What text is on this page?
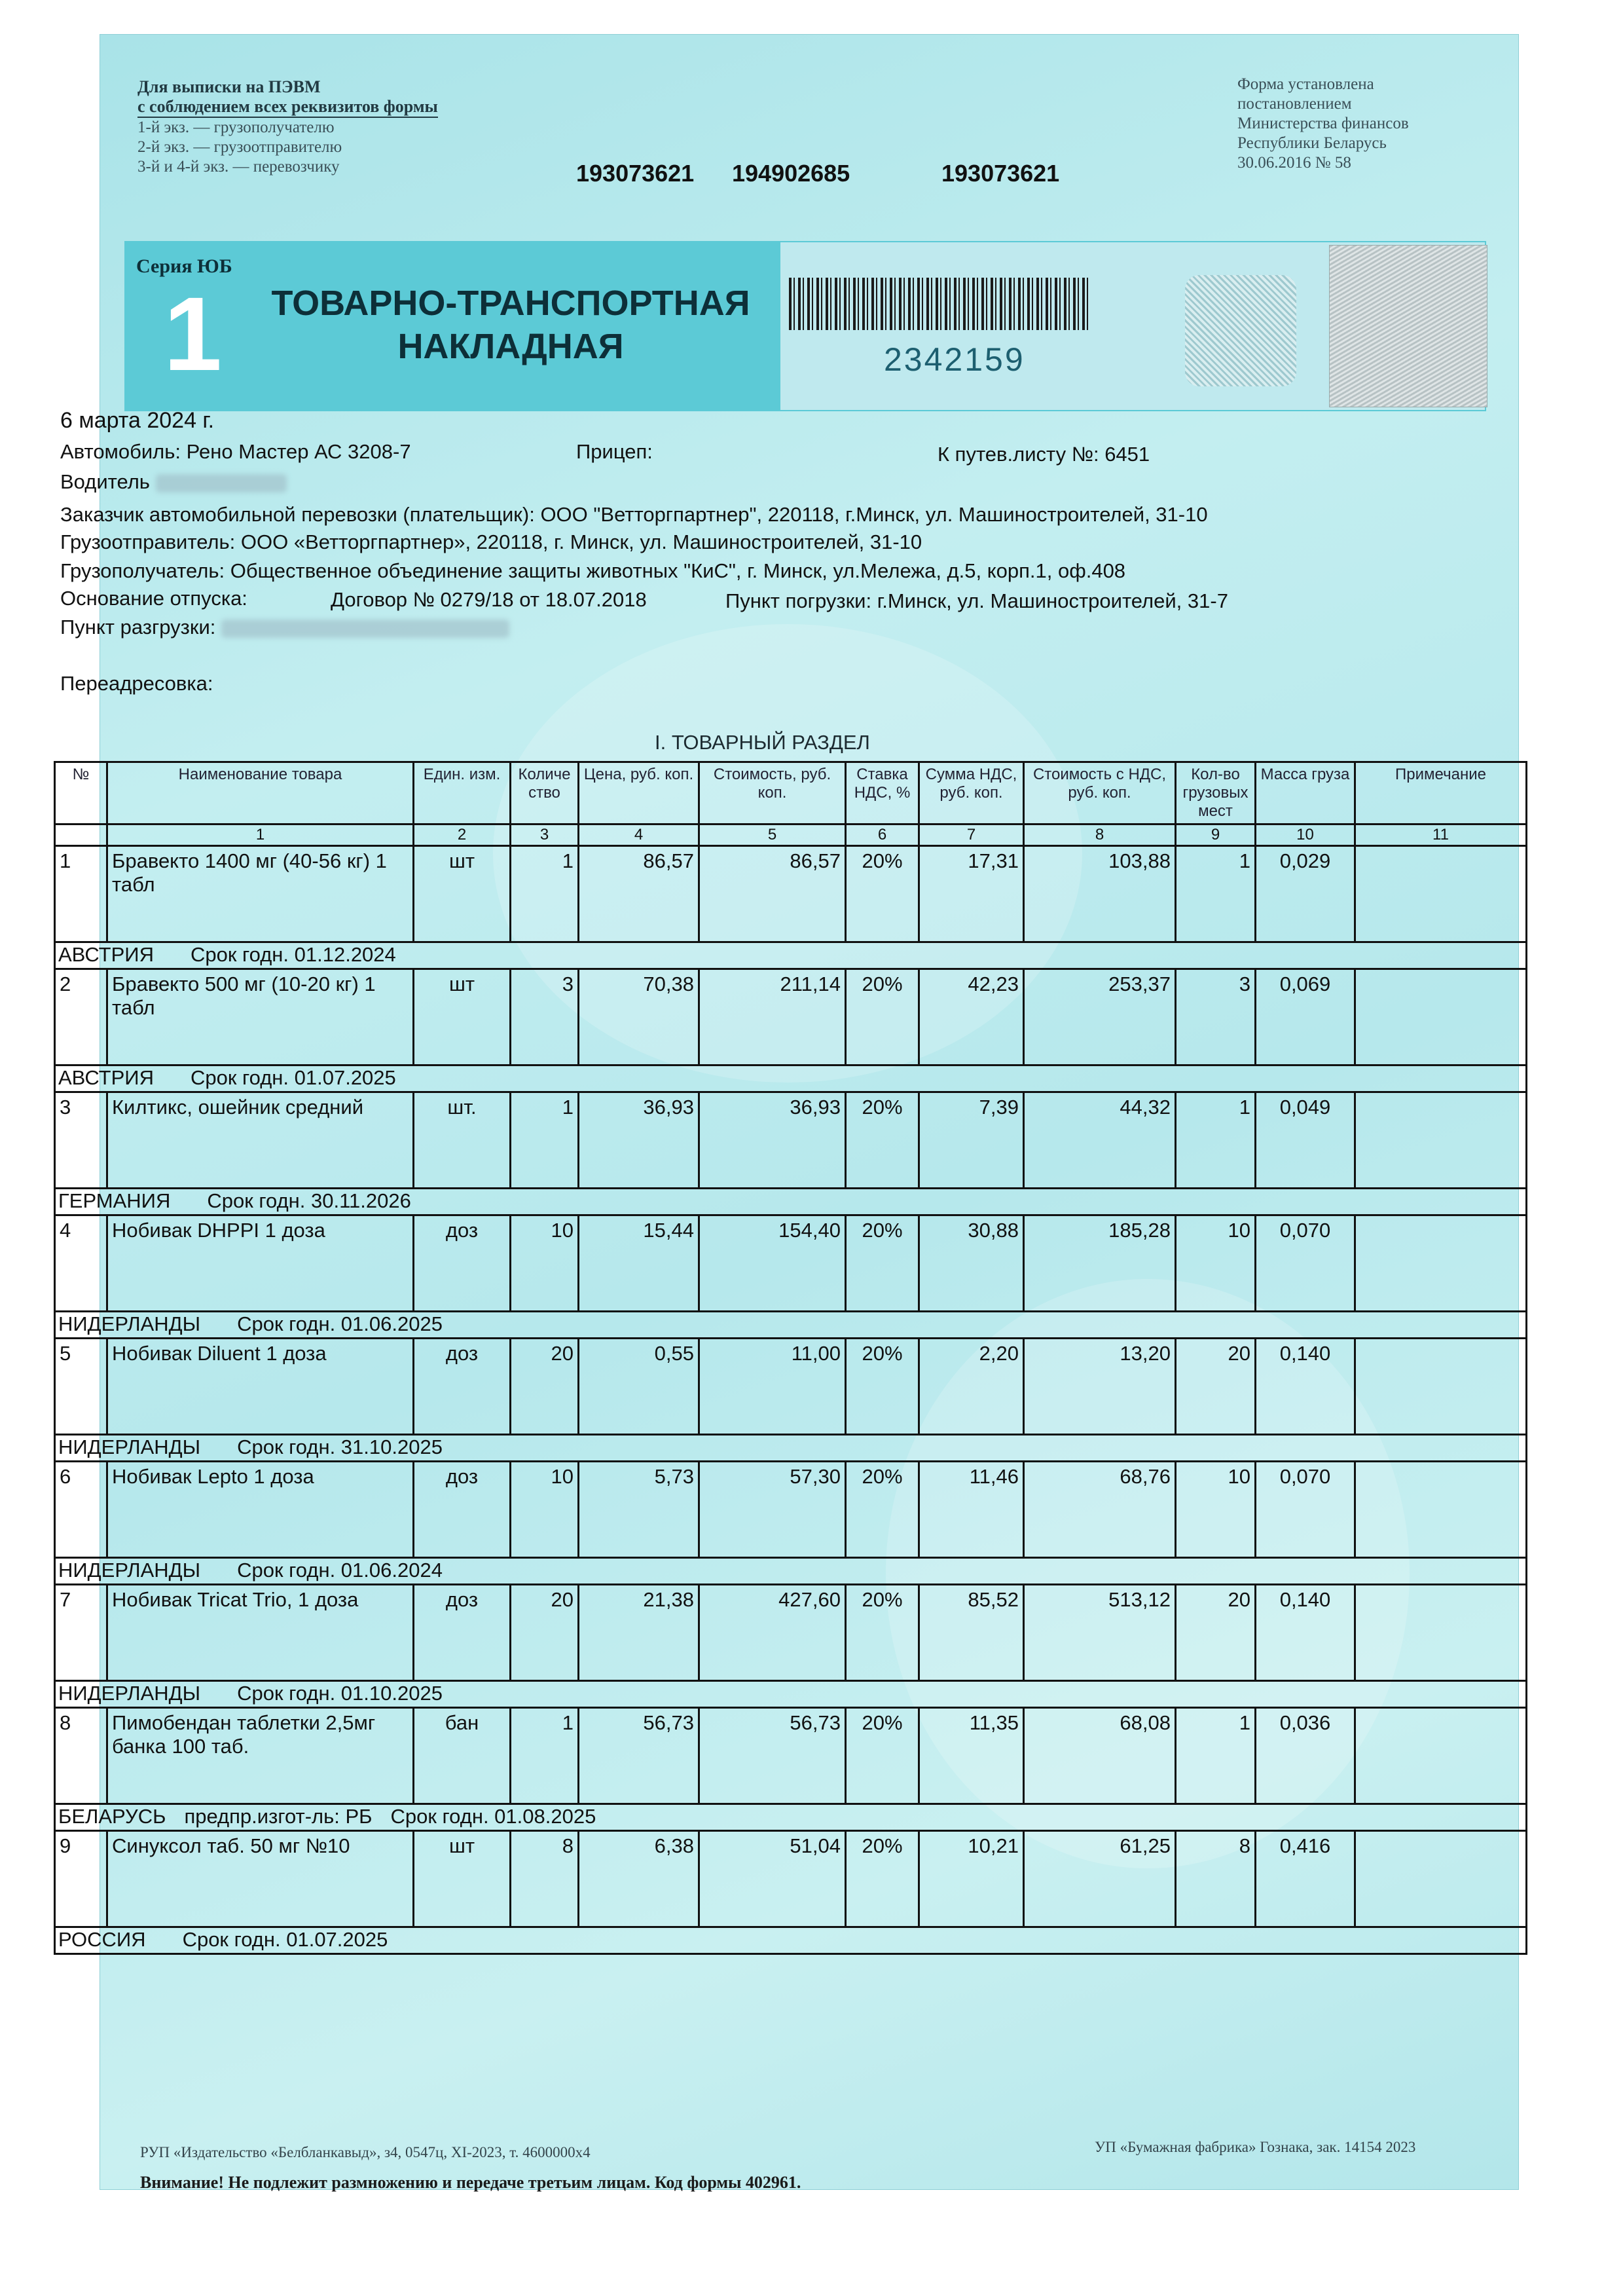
Для выписки на ПЭВМ
с соблюдением всех реквизитов формы
1-й экз. — грузополучателю
2-й экз. — грузоотправителю
3-й и 4-й экз. — перевозчику	193073621 194902685	193073621
Форма установлена
постановлением
Министерства финансов
Республики Беларусь
30.06.2016 № 58
Серия ЮБ
1	ТОВАРНО-ТРАНСПОРТНАЯ
НАКЛАДНАЯ	2342159
6 марта 2024 г.
Автомобиль: Рено Мастер АС 3208-7	Прицеп:	К путев.листу №: 6451
Водитель
Заказчик автомобильной перевозки (плательщик): ООО "Ветторгпартнер", 220118, г.Минск, ул. Машиностроителей, 31-10
Грузоотправитель: ООО «Ветторгпартнер», 220118, г. Минск, ул. Машиностроителей, 31-10
Грузополучатель: Общественное объединение защиты животных "КиС", г. Минск, ул.Мележа, д.5, корп.1, оф.408
Основание отпуска:	Договор № 0279/18 от 18.07.2018	Пункт погрузки: г.Минск, ул. Машиностроителей, 31-7
Пункт разгрузки:
Переадресовка:
I. ТОВАРНЫЙ РАЗДЕЛ
№	Наименование товара	Един. изм.	Количе ство	Цена, руб. коп.	Стоимость, руб. коп.	Ставка НДС, %	Сумма НДС, руб. коп.	Стоимость с НДС, руб. коп.	Кол-во грузовых мест	Масса груза	Примечание
	1	2	3	4	5	6	7	8	9	10	11
1	Бравекто 1400 мг (40-56 кг) 1 табл	шт	1	86,57	86,57	20%	17,31	103,88	1	0,029	
АВСТРИЯ Срок годн. 01.12.2024											
2	Бравекто 500 мг (10-20 кг) 1 табл	шт	3	70,38	211,14	20%	42,23	253,37	3	0,069	
АВСТРИЯ Срок годн. 01.07.2025											
3	Килтикс, ошейник средний	шт.	1	36,93	36,93	20%	7,39	44,32	1	0,049	
ГЕРМАНИЯ Срок годн. 30.11.2026											
4	Нобивак DHPPI 1 доза	доз	10	15,44	154,40	20%	30,88	185,28	10	0,070	
НИДЕРЛАНДЫ Срок годн. 01.06.2025											
5	Нобивак Diluent 1 доза	доз	20	0,55	11,00	20%	2,20	13,20	20	0,140	
НИДЕРЛАНДЫ Срок годн. 31.10.2025											
6	Нобивак Lepto 1 доза	доз	10	5,73	57,30	20%	11,46	68,76	10	0,070	
НИДЕРЛАНДЫ Срок годн. 01.06.2024											
7	Нобивак Tricat Trio, 1 доза	доз	20	21,38	427,60	20%	85,52	513,12	20	0,140	
НИДЕРЛАНДЫ Срок годн. 01.10.2025											
8	Пимобендан таблетки 2,5мг банка 100 таб.	бан	1	56,73	56,73	20%	11,35	68,08	1	0,036	
БЕЛАРУСЬ предпр.изгот-ль: РБ Срок годн. 01.08.2025											
9	Синуксол таб. 50 мг №10	шт	8	6,38	51,04	20%	10,21	61,25	8	0,416	
РОССИЯ Срок годн. 01.07.2025											
РУП «Издательство «Белбланкавыд», з4, 0547ц, XI-2023, т. 4600000х4	УП «Бумажная фабрика» Гознака, зак. 14154 2023
Внимание! Не подлежит размножению и передаче третьим лицам. Код формы 402961.
